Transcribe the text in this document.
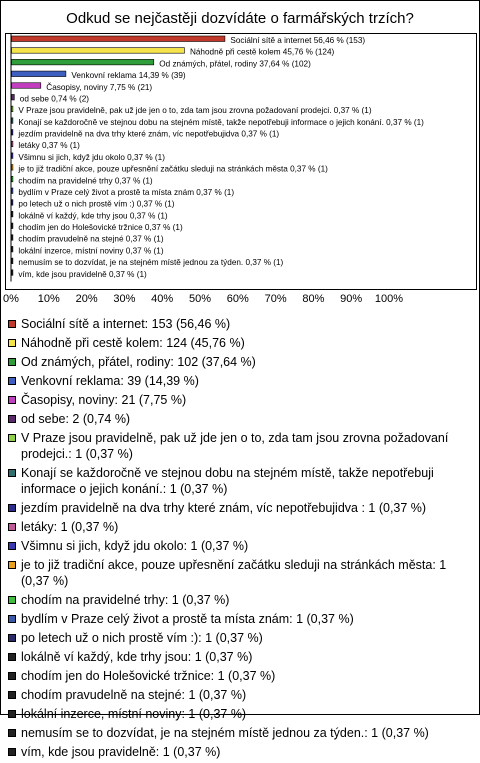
Odkud se nejčastěji dozvídáte o farmářských trzích?
Sociální sítě a internet 56,46 % (153)
Náhodně při cestě kolem 45,76 % (124)
Od známých, přátel, rodiny 37,64 % (102)
Venkovní reklama 14,39 % (39)
Časopisy, noviny 7,75 % (21)
od sebe 0,74 % (2)
V Praze jsou pravidelně, pak už jde jen o to, zda tam jsou zrovna požadovaní prodejci. 0,37 % (1)
Konají se každoročně ve stejnou dobu na stejném místě, takže nepotřebuji informace o jejich konání. 0,37 % (1)
jezdím pravidelně na dva trhy které znám, víc nepotřebujidva 0,37 % (1)
letáky 0,37 % (1)
Všimnu si jich, když jdu okolo 0,37 % (1)
je to již tradiční akce, pouze upřesnění začátku sleduji na stránkách města 0,37 % (1)
chodím na pravidelné trhy 0,37 % (1)
bydlím v Praze celý život a prostě ta místa znám 0,37 % (1)
po letech už o nich prostě vím :) 0,37 % (1)
lokálně ví každý, kde trhy jsou 0,37 % (1)
chodím jen do Holešovické tržnice 0,37 % (1)
chodím pravudelně na stejné 0,37 % (1)
lokální inzerce, místní noviny 0,37 % (1)
nemusím se to dozvídat, je na stejném místě jednou za týden. 0,37 % (1)
vím, kde jsou pravidelně 0,37 % (1)
0% 10% 20% 30% 40% 50% 60% 70% 80% 90% 100%
Sociální sítě a internet: 153 (56,46 %)
Náhodně při cestě kolem: 124 (45,76 %)
Od známých, přátel, rodiny: 102 (37,64 %)
Venkovní reklama: 39 (14,39 %)
Časopisy, noviny: 21 (7,75 %)
od sebe: 2 (0,74 %)
V Praze jsou pravidelně, pak už jde jen o to, zda tam jsou zrovna požadovaní prodejci.: 1 (0,37 %)
Konají se každoročně ve stejnou dobu na stejném místě, takže nepotřebuji informace o jejich konání.: 1 (0,37 %)
jezdím pravidelně na dva trhy které znám, víc nepotřebujidva : 1 (0,37 %)
letáky: 1 (0,37 %)
Všimnu si jich, když jdu okolo: 1 (0,37 %)
je to již tradiční akce, pouze upřesnění začátku sleduji na stránkách města: 1 (0,37 %)
chodím na pravidelné trhy: 1 (0,37 %)
bydlím v Praze celý život a prostě ta místa znám: 1 (0,37 %)
po letech už o nich prostě vím :): 1 (0,37 %)
lokálně ví každý, kde trhy jsou: 1 (0,37 %)
chodím jen do Holešovické tržnice: 1 (0,37 %)
chodím pravudelně na stejné: 1 (0,37 %)
lokální inzerce, místní noviny: 1 (0,37 %)
nemusím se to dozvídat, je na stejném místě jednou za týden.: 1 (0,37 %)
vím, kde jsou pravidelně: 1 (0,37 %)
